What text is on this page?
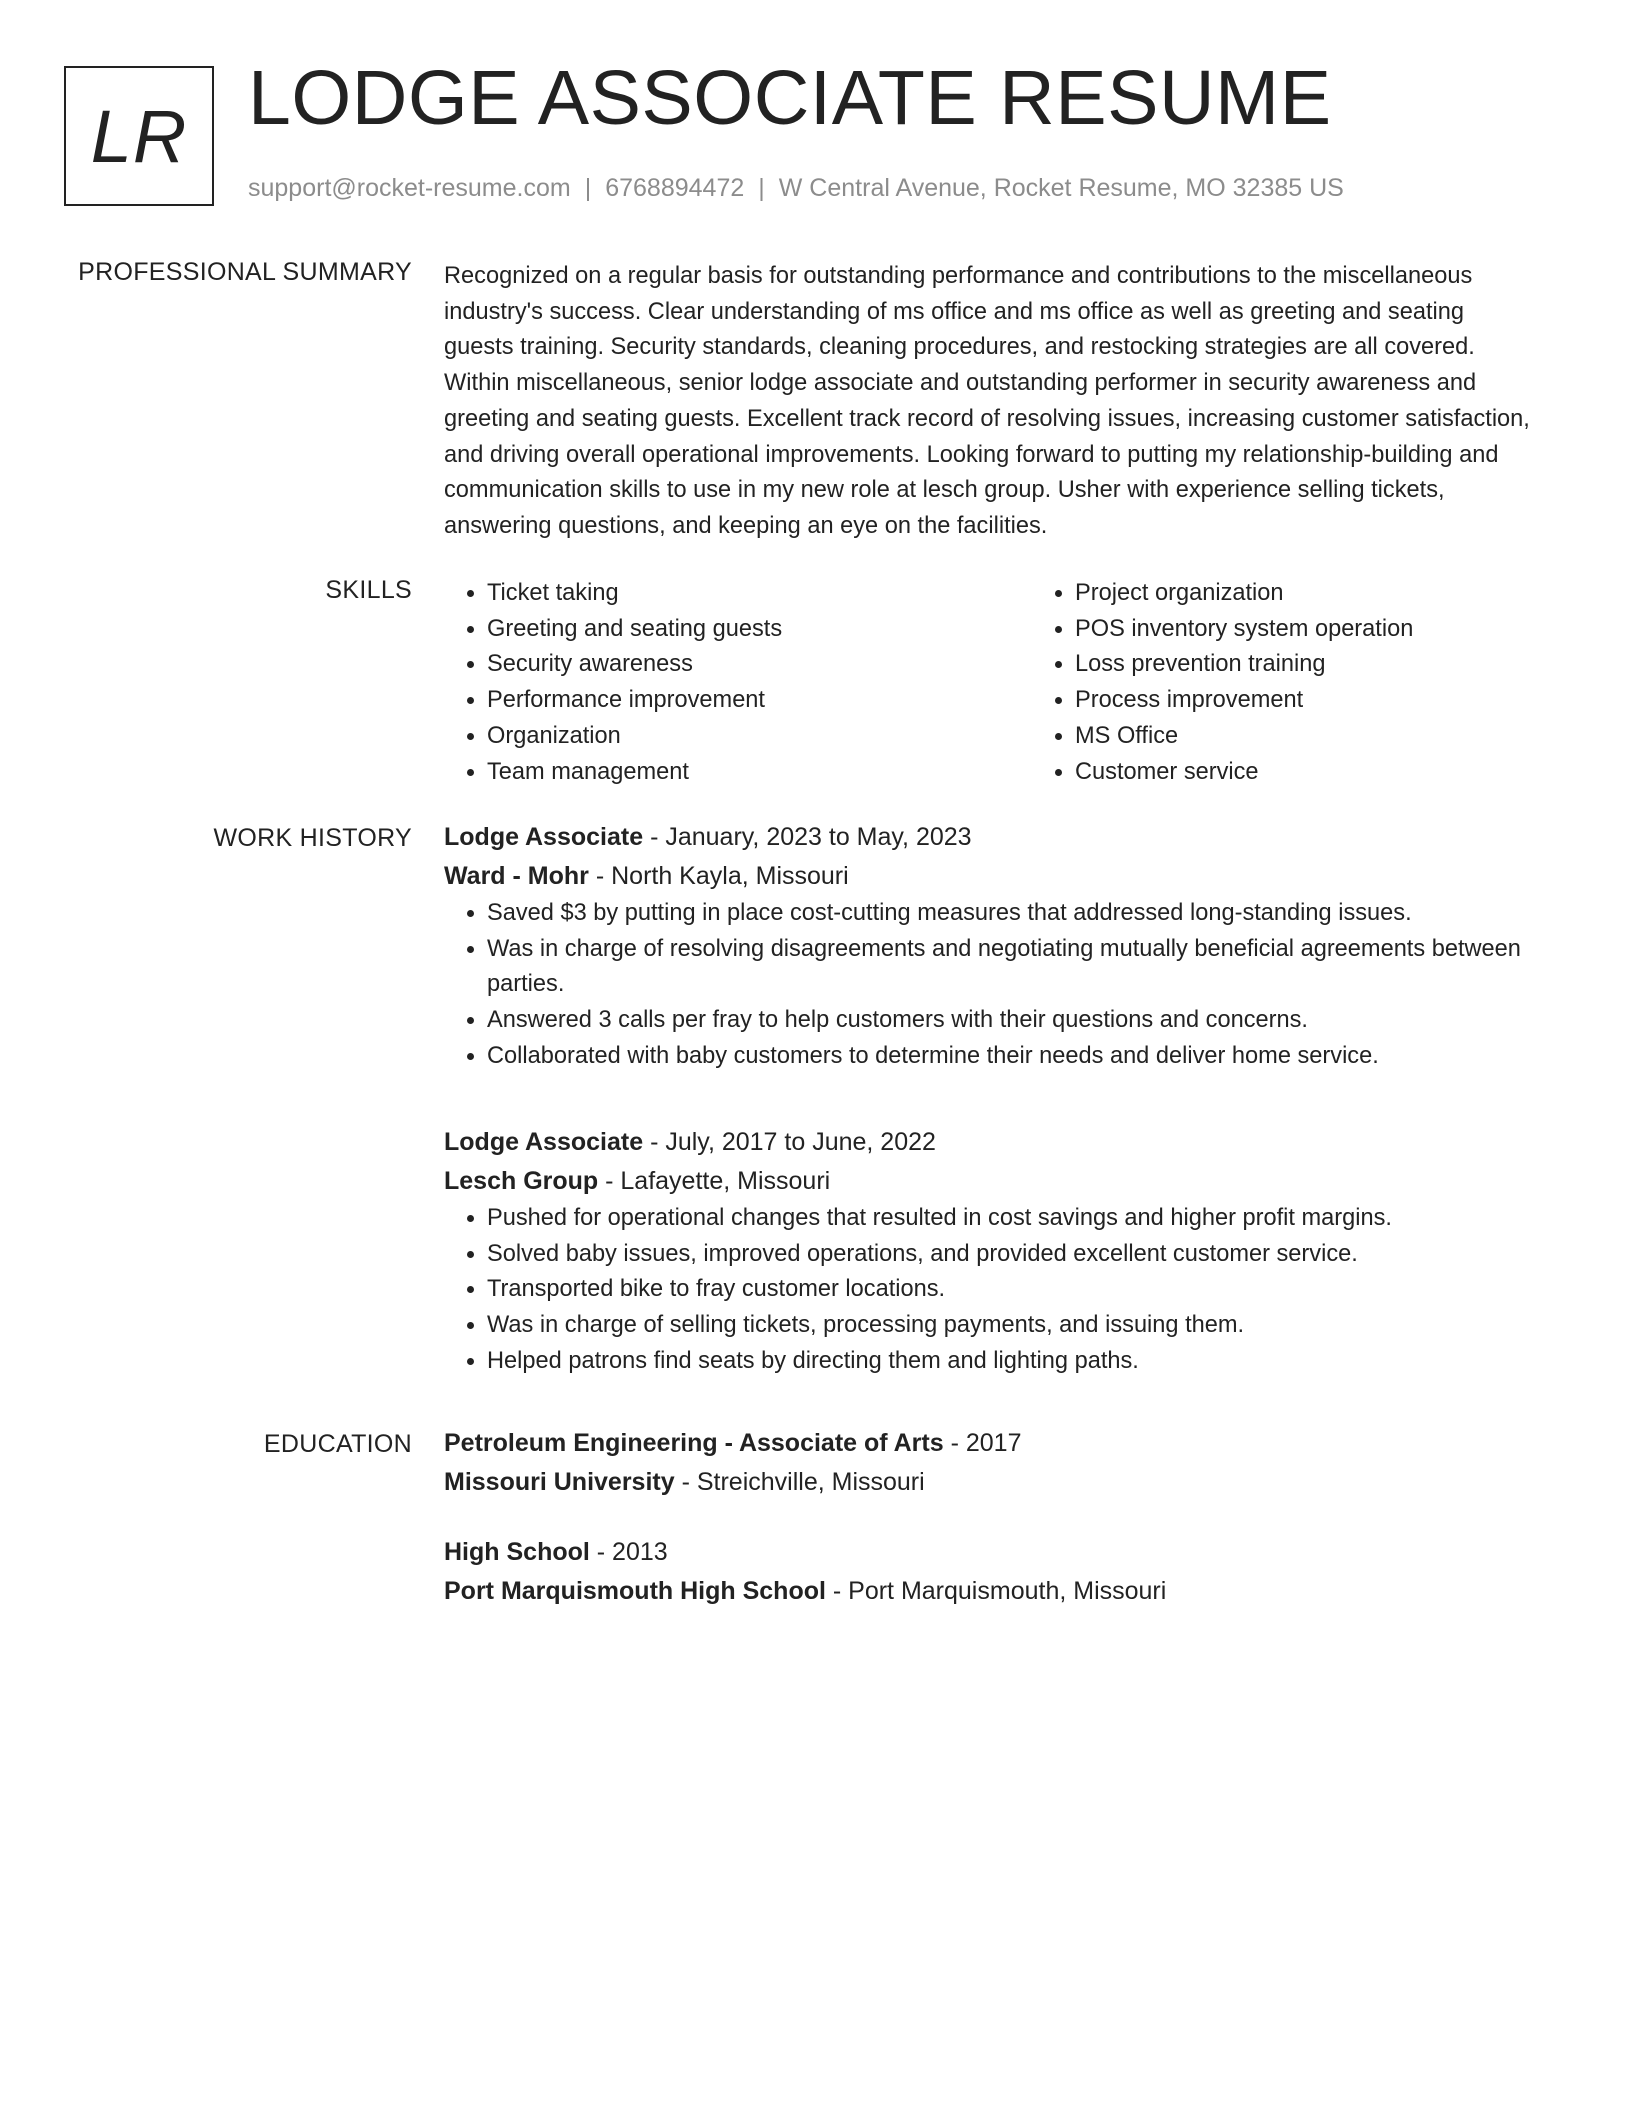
LR LODGE ASSOCIATE RESUME
support@rocket-resume.com | 6768894472 | W Central Avenue, Rocket Resume, MO 32385 US
PROFESSIONAL SUMMARY Recognized on a regular basis for outstanding performance and contributions to the miscellaneous industry's success. Clear understanding of ms office and ms office as well as greeting and seating guests training. Security standards, cleaning procedures, and restocking strategies are all covered. Within miscellaneous, senior lodge associate and outstanding performer in security awareness and greeting and seating guests. Excellent track record of resolving issues, increasing customer satisfaction, and driving overall operational improvements. Looking forward to putting my relationship-building and communication skills to use in my new role at lesch group. Usher with experience selling tickets, answering questions, and keeping an eye on the facilities.

SKILLS
•	Ticket taking
• Greeting and seating guests
• Security awareness
• Performance improvement
• Organization
• Team management
• Project organization
• POS inventory system operation
• Loss prevention training
• Process improvement
• MS Office
• Customer service
WORK HISTORY Lodge Associate - January, 2023 to May, 2023
Ward - Mohr - North Kayla, Missouri
• Saved $3 by putting in place cost-cutting measures that addressed long-standing issues.
• Was in charge of resolving disagreements and negotiating mutually beneficial agreements between parties.
• Answered 3 calls per fray to help customers with their questions and concerns.
• Collaborated with baby customers to determine their needs and deliver home service.
Lodge Associate - July, 2017 to June, 2022
Lesch Group - Lafayette, Missouri
• Pushed for operational changes that resulted in cost savings and higher profit margins.
• Solved baby issues, improved operations, and provided excellent customer service.
• Transported bike to fray customer locations.
• Was in charge of selling tickets, processing payments, and issuing them.
• Helped patrons find seats by directing them and lighting paths.
EDUCATION Petroleum Engineering - Associate of Arts - 2017
Missouri University - Streichville, Missouri
High School - 2013
Port Marquismouth High School - Port Marquismouth, Missouri
